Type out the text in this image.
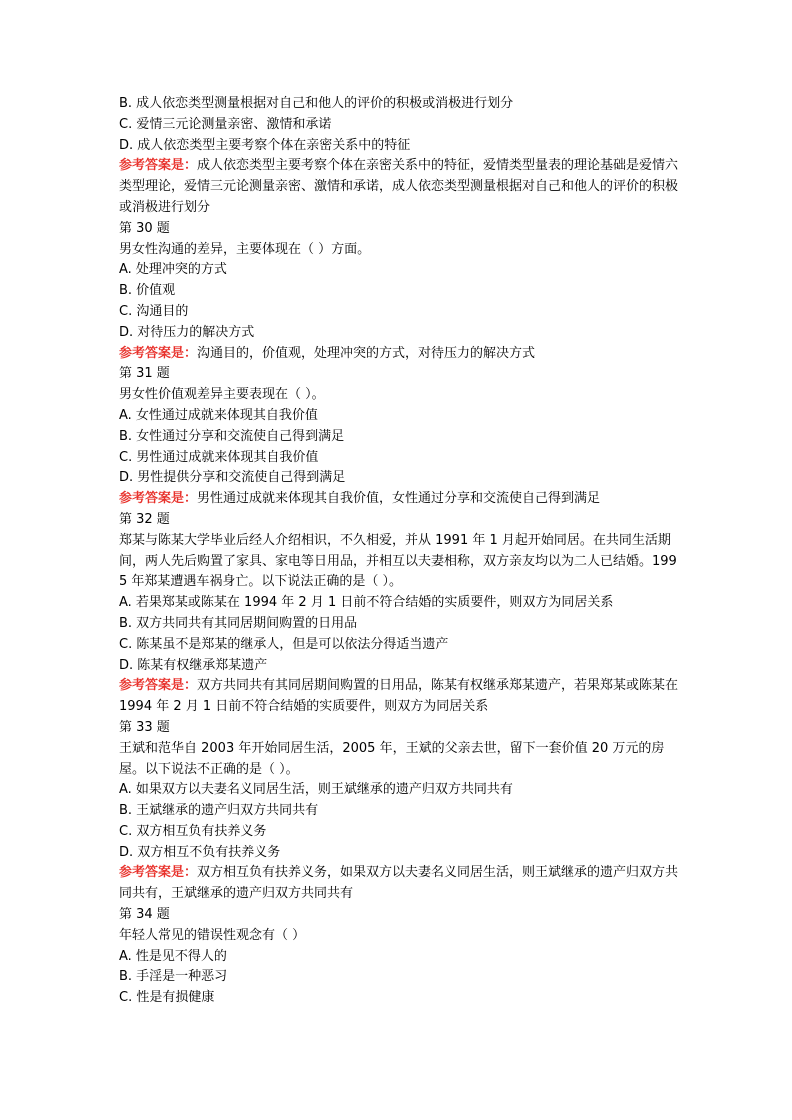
B. 成人依恋类型测量根据对自己和他人的评价的积极或消极进行划分
C. 爱情三元论测量亲密、激情和承诺
D. 成人依恋类型主要考察个体在亲密关系中的特征
参考答案是：成人依恋类型主要考察个体在亲密关系中的特征，爱情类型量表的理论基础是爱情六类型理论，爱情三元论测量亲密、激情和承诺，成人依恋类型测量根据对自己和他人的评价的积极或消极进行划分
第 30 题
男女性沟通的差异，主要体现在（ ）方面。
A. 处理冲突的方式
B. 价值观
C. 沟通目的
D. 对待压力的解决方式
参考答案是：沟通目的，价值观，处理冲突的方式，对待压力的解决方式
第 31 题
男女性价值观差异主要表现在（ ）。
A. 女性通过成就来体现其自我价值
B. 女性通过分享和交流使自己得到满足
C. 男性通过成就来体现其自我价值
D. 男性提供分享和交流使自己得到满足
参考答案是：男性通过成就来体现其自我价值，女性通过分享和交流使自己得到满足
第 32 题
郑某与陈某大学毕业后经人介绍相识，不久相爱，并从 1991 年 1 月起开始同居。在共同生活期间，两人先后购置了家具、家电等日用品，并相互以夫妻相称，双方亲友均以为二人已结婚。1995 年郑某遭遇车祸身亡。以下说法正确的是（ ）。
A. 若果郑某或陈某在 1994 年 2 月 1 日前不符合结婚的实质要件，则双方为同居关系
B. 双方共同共有其同居期间购置的日用品
C. 陈某虽不是郑某的继承人，但是可以依法分得适当遗产
D. 陈某有权继承郑某遗产
参考答案是：双方共同共有其同居期间购置的日用品，陈某有权继承郑某遗产，若果郑某或陈某在 1994 年 2 月 1 日前不符合结婚的实质要件，则双方为同居关系
第 33 题
王斌和范华自 2003 年开始同居生活，2005 年，王斌的父亲去世，留下一套价值 20 万元的房屋。以下说法不正确的是（ ）。
A. 如果双方以夫妻名义同居生活，则王斌继承的遗产归双方共同共有
B. 王斌继承的遗产归双方共同共有
C. 双方相互负有扶养义务
D. 双方相互不负有扶养义务
参考答案是：双方相互负有扶养义务，如果双方以夫妻名义同居生活，则王斌继承的遗产归双方共同共有，王斌继承的遗产归双方共同共有
第 34 题
年轻人常见的错误性观念有（ ）
A. 性是见不得人的
B. 手淫是一种恶习
C. 性是有损健康
